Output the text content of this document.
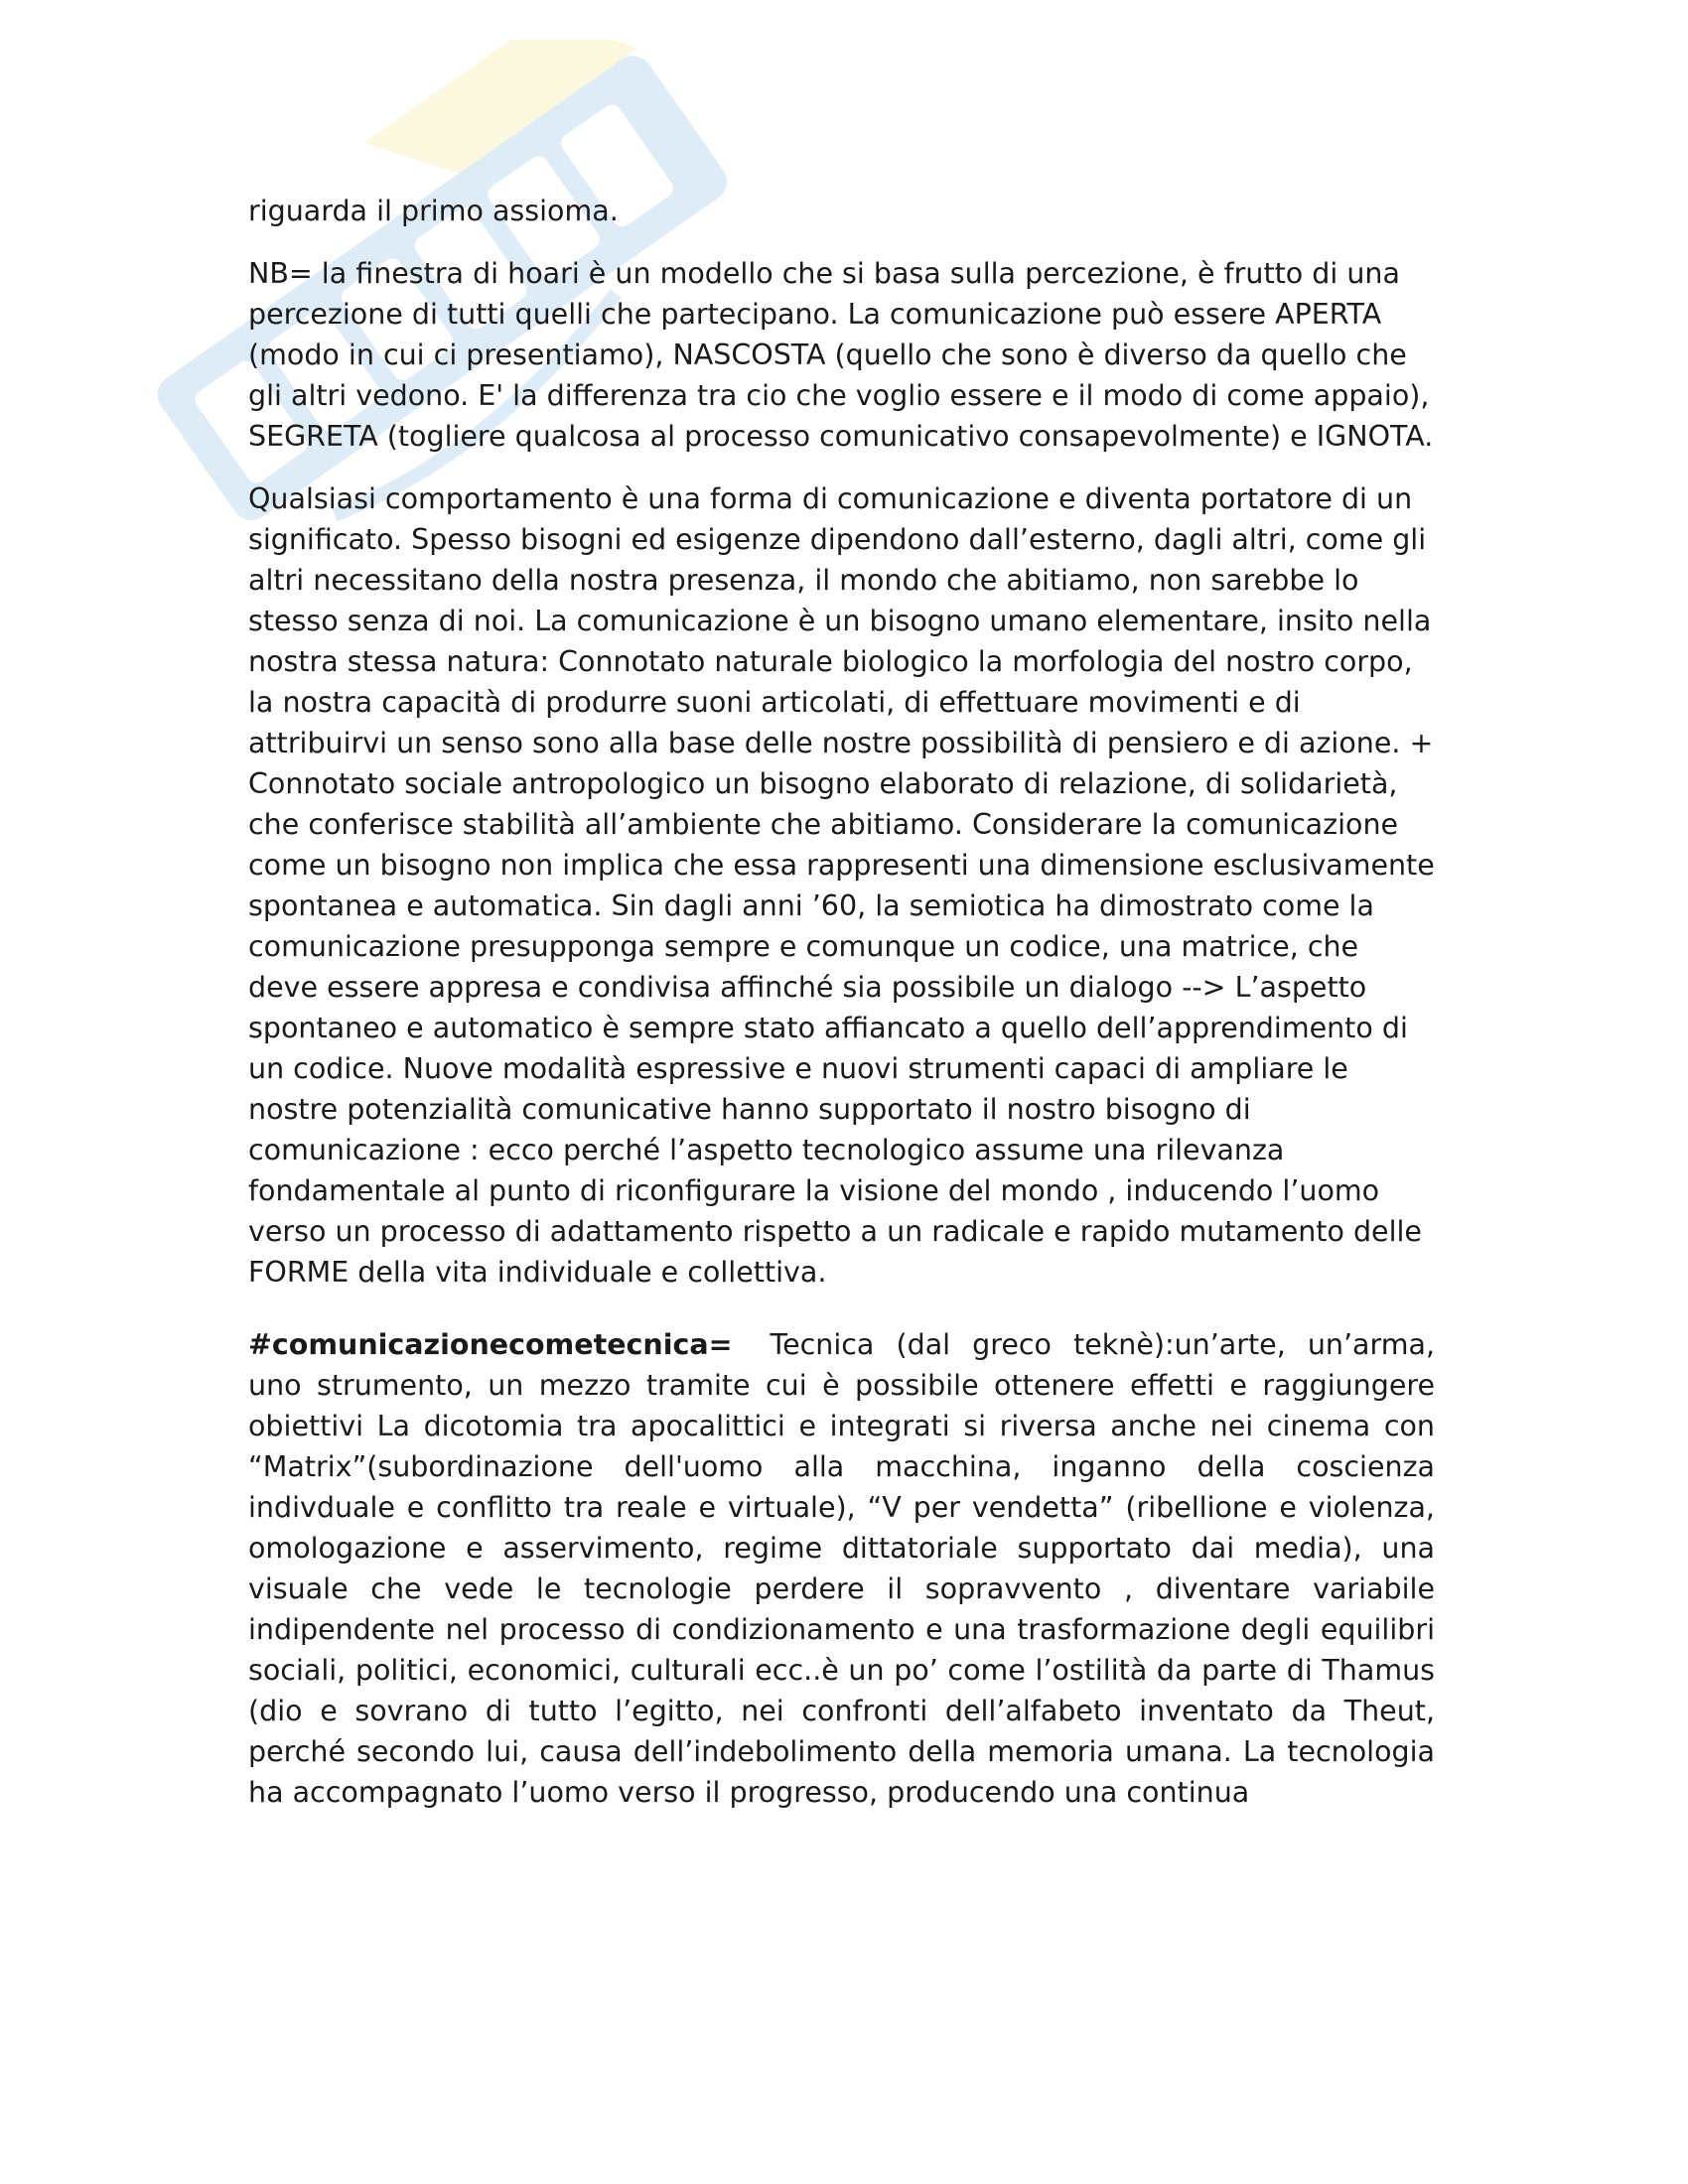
riguarda il primo assioma.

NB= la finestra di hoari è un modello che si basa sulla percezione, è frutto di una percezione di tutti quelli che partecipano. La comunicazione può essere APERTA (modo in cui ci presentiamo), NASCOSTA (quello che sono è diverso da quello che gli altri vedono. E' la differenza tra cio che voglio essere e il modo di come appaio), SEGRETA (togliere qualcosa al processo comunicativo consapevolmente) e IGNOTA.

Qualsiasi comportamento è una forma di comunicazione e diventa portatore di un significato. Spesso bisogni ed esigenze dipendono dall’esterno, dagli altri, come gli altri necessitano della nostra presenza, il mondo che abitiamo, non sarebbe lo stesso senza di noi. La comunicazione è un bisogno umano elementare, insito nella nostra stessa natura: Connotato naturale biologico la morfologia del nostro corpo, la nostra capacità di produrre suoni articolati, di effettuare movimenti e di attribuirvi un senso sono alla base delle nostre possibilità di pensiero e di azione. + Connotato sociale antropologico un bisogno elaborato di relazione, di solidarietà, che conferisce stabilità all’ambiente che abitiamo. Considerare la comunicazione come un bisogno non implica che essa rappresenti una dimensione esclusivamente spontanea e automatica. Sin dagli anni ’60, la semiotica ha dimostrato come la comunicazione presupponga sempre e comunque un codice, una matrice, che deve essere appresa e condivisa affinché sia possibile un dialogo --> L’aspetto spontaneo e automatico è sempre stato affiancato a quello dell’apprendimento di un codice. Nuove modalità espressive e nuovi strumenti capaci di ampliare le nostre potenzialità comunicative hanno supportato il nostro bisogno di comunicazione : ecco perché l’aspetto tecnologico assume una rilevanza fondamentale al punto di riconfigurare la visione del mondo , inducendo l’uomo verso un processo di adattamento rispetto a un radicale e rapido mutamento delle FORME della vita individuale e collettiva.

#comunicazionecometecnica= Tecnica (dal greco teknè):un’arte, un’arma, uno strumento, un mezzo tramite cui è possibile ottenere effetti e raggiungere obiettivi La dicotomia tra apocalittici e integrati si riversa anche nei cinema con “Matrix”(subordinazione dell'uomo alla macchina, inganno della coscienza indivduale e conflitto tra reale e virtuale), “V per vendetta” (ribellione e violenza, omologazione e asservimento, regime dittatoriale supportato dai media), una visuale che vede le tecnologie perdere il sopravvento , diventare variabile indipendente nel processo di condizionamento e una trasformazione degli equilibri sociali, politici, economici, culturali ecc..è un po’ come l’ostilità da parte di Thamus (dio e sovrano di tutto l’egitto, nei confronti dell’alfabeto inventato da Theut, perché secondo lui, causa dell’indebolimento della memoria umana. La tecnologia ha accompagnato l’uomo verso il progresso, producendo una continua
